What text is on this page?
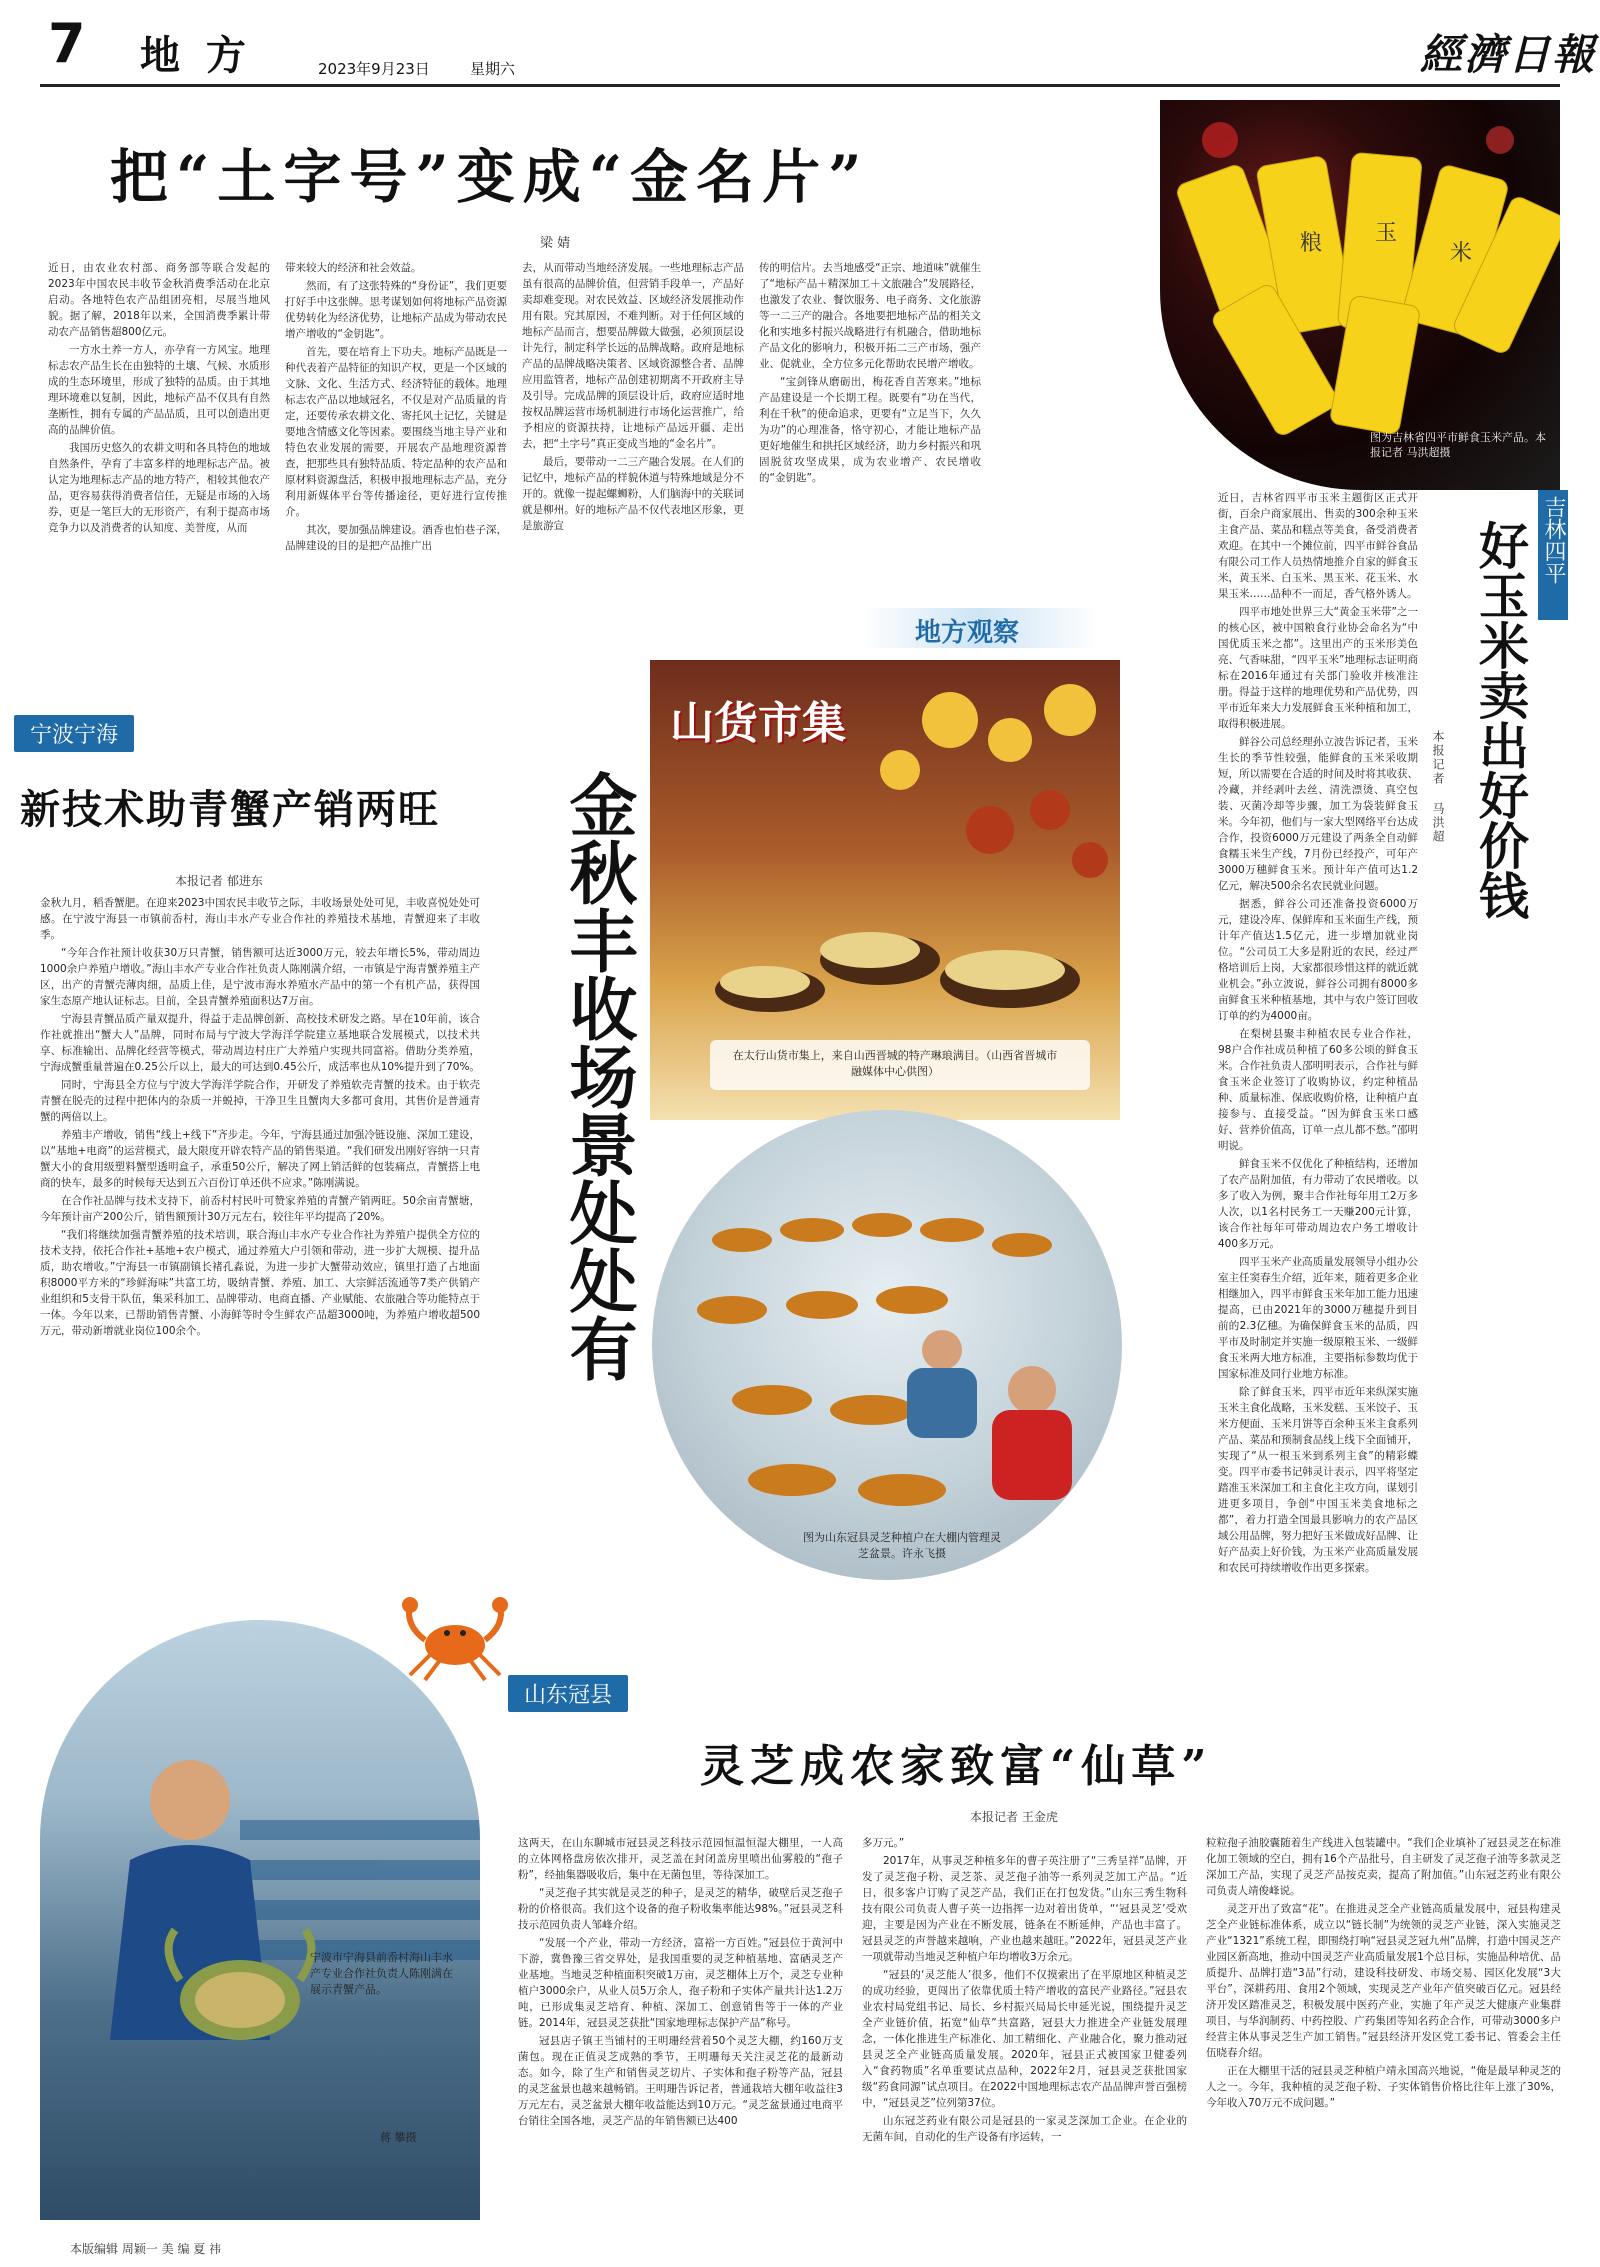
7 地 方	2023年9月23日	星期六	經濟日報
把“土字号”变成“金名片”
梁 婧

近日，由农业农村部、商务部等联合发起的2023年中国农民丰收节金秋消费季活动在北京启动。各地特色农产品组团亮相，尽展当地风貌。据了解，2018年以来，全国消费季累计带动农产品销售超800亿元。

一方水土养一方人，亦孕育一方风宝。地理标志农产品生长在由独特的土壤、气候、水质形成的生态环境里，形成了独特的品质。由于其地理环境难以复制，因此，地标产品不仅具有自然垄断性，拥有专属的产品品质，且可以创造出更高的品牌价值。

我国历史悠久的农耕文明和各具特色的地域自然条件，孕育了丰富多样的地理标志产品。被认定为地理标志产品的地方特产，相较其他农产品，更容易获得消费者信任，无疑是市场的入场券，更是一笔巨大的无形资产，有利于提高市场竞争力以及消费者的认知度、美誉度，从而

带来较大的经济和社会效益。

然而，有了这张特殊的“身份证”，我们更要打好手中这张牌。思考谋划如何将地标产品资源优势转化为经济优势，让地标产品成为带动农民增产增收的“金钥匙”。

首先，要在培育上下功夫。地标产品既是一种代表着产品特征的知识产权，更是一个区域的文脉、文化、生活方式、经济特征的载体。地理标志农产品以地域冠名，不仅是对产品质量的肯定，还要传承农耕文化、寄托风土记忆，关键是要地含情感文化等因素。要围绕当地主导产业和特色农业发展的需要，开展农产品地理资源普查，把那些具有独特品质、特定品种的农产品和原材料资源盘活，积极申报地理标志产品，充分利用新媒体平台等传播途径，更好进行宣传推介。

其次，要加强品牌建设。酒香也怕巷子深，品牌建设的目的是把产品推广出

去，从而带动当地经济发展。一些地理标志产品虽有很高的品牌价值，但营销手段单一，产品好卖却难变现。对农民效益、区域经济发展推动作用有限。究其原因，不难判断。对于任何区域的地标产品而言，想要品牌做大做强，必须顶层设计先行，制定科学长远的品牌战略。政府是地标产品的品牌战略决策者、区域资源整合者、品牌应用监管者，地标产品创建初期离不开政府主导及引导。完成品牌的顶层设计后，政府应适时地按权品牌运营市场机制进行市场化运营推广，给予相应的资源扶持，让地标产品远开疆、走出去，把“土字号”真正变成当地的“金名片”。

最后，要带动一二三产融合发展。在人们的记忆中，地标产品的样貌休道与特殊地域是分不开的。就像一提起螺蛳粉，人们脑海中的关联词就是柳州。好的地标产品不仅代表地区形象，更是旅游宣

传的明信片。去当地感受“正宗、地道味”就催生了“地标产品＋精深加工＋文旅融合”发展路径，也激发了农业、餐饮服务、电子商务、文化旅游等一二三产的融合。各地要把地标产品的相关文化和实地多村振兴战略进行有机融合，借助地标产品文化的影响力，积极开拓二三产市场，强产业、促就业，全方位多元化帮助农民增产增收。

“宝剑锋从磨砺出，梅花香自苦寒来。”地标产品建设是一个长期工程。既要有“功在当代，利在千秋”的使命追求，更要有“立足当下，久久为功”的心理准备，恪守初心，才能让地标产品更好地催生和拱托区域经济，助力乡村振兴和巩固脱贫攻坚成果，成为农业增产、农民增收的“金钥匙”。

粮 玉
米
图为吉林省四平市鲜食玉米产品。本报记者 马洪超摄
地方观察
山货市集
在太行山货市集上，来自山西晋城的特产琳琅满目。（山西省晋城市融媒体中心供图）
金秋丰收场景处处有
图为山东冠县灵芝种植户在大棚内管理灵芝盆景。许永飞摄
吉林四平
好玉米卖出好价钱
本报记者 马洪超

近日，吉林省四平市玉米主题街区正式开街，百余户商家展出、售卖的300余种玉米主食产品、菜品和糕点等美食，备受消费者欢迎。在其中一个摊位前，四平市鲜谷食品有限公司工作人员热情地推介自家的鲜食玉米，黄玉米、白玉米、黑玉米、花玉米、水果玉米……品种不一而足，香气格外诱人。

四平市地处世界三大“黄金玉米带”之一的核心区，被中国粮食行业协会命名为“中国优质玉米之都”。这里出产的玉米形美色亮、气香味甜，“四平玉米”地理标志证明商标在2016年通过有关部门验收并核准注册。得益于这样的地理优势和产品优势，四平市近年来大力发展鲜食玉米种植和加工，取得积极进展。

鲜谷公司总经理孙立波告诉记者，玉米生长的季节性较强，能鲜食的玉米采收期短，所以需要在合适的时间及时将其收获、冷藏，并经剥叶去丝、清洗漂烫、真空包装、灭菌冷却等步骤，加工为袋装鲜食玉米。今年初，他们与一家大型网络平台达成合作，投资6000万元建设了两条全自动鲜食糯玉米生产线，7月份已经投产，可年产3000万穗鲜食玉米。预计年产值可达1.2亿元，解决500余名农民就业问题。

据悉，鲜谷公司还准备投资6000万元，建设冷库、保鲜库和玉米面生产线，预计年产值达1.5亿元，进一步增加就业岗位。“公司员工大多是附近的农民，经过严格培训后上岗，大家都很珍惜这样的就近就业机会。”孙立波说，鲜谷公司拥有8000多亩鲜食玉米种植基地，其中与农户签订回收订单的约为4000亩。

在梨树县聚丰种植农民专业合作社，98户合作社成员种植了60多公顷的鲜食玉米。合作社负责人邵明明表示，合作社与鲜食玉米企业签订了收购协议，约定种植品种、质量标准、保底收购价格，让种植户直接参与、直接受益。“因为鲜食玉米口感好、营养价值高，订单一点儿都不愁。”邵明明说。

鲜食玉米不仅优化了种植结构，还增加了农产品附加值，有力带动了农民增收。以多了收入为例，聚丰合作社每年用工2万多人次，以1名村民务工一天赚200元计算，该合作社每年可带动周边农户务工增收计400多万元。

四平玉米产业高质量发展领导小组办公室主任窦春生介绍，近年来，随着更多企业相继加入，四平市鲜食玉米年加工能力迅速提高，已由2021年的3000万穗提升到目前的2.3亿穗。为确保鲜食玉米的品质，四平市及时制定并实施一级原粮玉米、一级鲜食玉米两大地方标准，主要指标参数均优于国家标准及同行业地方标准。

除了鲜食玉米，四平市近年来纵深实施玉米主食化战略，玉米发糕、玉米饺子、玉米方便面、玉米月饼等百余种玉米主食系列产品、菜品和预制食品线上线下全面铺开，实现了“从一根玉米到系列主食”的精彩蝶变。四平市委书记韩灵计表示，四平将坚定踏准玉米深加工和主食化主攻方向，谋划引进更多项目，争创“中国玉米美食地标之都”，着力打造全国最具影响力的农产品区域公用品牌，努力把好玉米做成好品牌、让好产品卖上好价钱，为玉米产业高质量发展和农民可持续增收作出更多探索。

宁波宁海
新技术助青蟹产销两旺
本报记者 郁进东

金秋九月，稻香蟹肥。在迎来2023中国农民丰收节之际，丰收场景处处可见，丰收喜悦处处可感。在宁波宁海县一市镇前岙村，海山丰水产专业合作社的养殖技术基地，青蟹迎来了丰收季。

“今年合作社预计收获30万只青蟹，销售额可达近3000万元，较去年增长5%，带动周边1000余户养殖户增收。”海山丰水产专业合作社负责人陈刚满介绍，一市镇是宁海青蟹养殖主产区，出产的青蟹壳薄肉细，品质上佳，是宁波市海水养殖水产品中的第一个有机产品，获得国家生态原产地认证标志。目前，全县青蟹养殖面积达7万亩。

宁海县青蟹品质产量双提升，得益于走品牌创新、高校技术研发之路。早在10年前，该合作社就推出“蟹大人”品牌，同时布局与宁波大学海洋学院建立基地联合发展模式，以技术共享、标准输出、品牌化经营等模式，带动周边村庄广大养殖户实现共同富裕。借助分类养殖，宁海成蟹重量普遍在0.25公斤以上，最大的可达到0.45公斤，成活率也从10%提升到了70%。

同时，宁海县全方位与宁波大学海洋学院合作，开研发了养殖软壳青蟹的技术。由于软壳青蟹在脱壳的过程中把体内的杂质一并蜕掉，干净卫生且蟹肉大多都可食用，其售价是普通青蟹的两倍以上。

养殖丰产增收，销售“线上+线下”齐步走。今年，宁海县通过加强冷链设施、深加工建设，以“基地+电商”的运营模式，最大限度开辟农特产品的销售渠道。“我们研发出刚好容纳一只青蟹大小的食用级塑料蟹型透明盒子，承重50公斤，解决了网上销活鲜的包装痛点，青蟹搭上电商的快车，最多的时候每天达到五六百份订单还供不应求。”陈刚满说。

在合作社品牌与技术支持下，前岙村村民叶可赞家养殖的青蟹产销两旺。50余亩青蟹塘，今年预计亩产200公斤，销售额预计30万元左右，较往年平均提高了20%。

“我们将继续加强青蟹养殖的技术培训，联合海山丰水产专业合作社为养殖户提供全方位的技术支持，依托合作社+基地+农户模式，通过养殖大户引领和带动，进一步扩大规模、提升品质，助农增收。”宁海县一市镇副镇长褚孔淼说，为进一步扩大蟹带动效应，镇里打造了占地面积8000平方米的“珍鲜海味”共富工坊，吸纳青蟹、养殖、加工、大宗鲜活流通等7类产供销产业组织和5支骨干队伍，集采科加工、品牌带动、电商直播、产业赋能、农旅融合等功能特点于一体。今年以来，已帮助销售青蟹、小海鲜等时令生鲜农产品超3000吨，为养殖户增收超500万元，带动新增就业岗位100余个。

宁波市宁海县前岙村海山丰水产专业合作社负责人陈刚满在展示青蟹产品。
蒋 攀摄
本版编辑 周颖一 美 编 夏 祎
山东冠县
灵芝成农家致富“仙草”
本报记者 王金虎

这两天，在山东聊城市冠县灵芝科技示范园恒温恒湿大棚里，一人高的立体网格盘房依次排开，灵芝盖在封闭盖房里喷出仙雾般的“孢子粉”，经抽集器吸收后，集中在无菌包里，等待深加工。

“灵芝孢子其实就是灵芝的种子，是灵芝的精华，破壁后灵芝孢子粉的价格很高。我们这个设备的孢子粉收集率能达98%。”冠县灵芝科技示范园负责人邹峰介绍。

“发展一个产业，带动一方经济，富裕一方百姓。”冠县位于黄河中下游，冀鲁豫三省交界处，是我国重要的灵芝种植基地、富硒灵芝产业基地。当地灵芝种植面积突破1万亩，灵芝棚体上万个，灵芝专业种植户3000余户，从业人员5万余人，孢子粉和子实体产量共计达1.2万吨，已形成集灵芝培育、种植、深加工、创意销售等于一体的产业链。2014年，冠县灵芝获批“国家地理标志保护产品”称号。

冠县店子镇王当铺村的王明珊经营着50个灵芝大棚，约160万支菌包。现在正值灵芝成熟的季节，王明珊每天关注灵芝花的最新动态。如今，除了生产和销售灵芝切片、子实体和孢子粉等产品，冠县的灵芝盆景也越来越畅销。王明珊告诉记者，普通栽培大棚年收益往3万元左右，灵芝盆景大棚年收益能达到10万元。“灵芝盆景通过电商平台销往全国各地，灵芝产品的年销售额已达400

多万元。”

2017年，从事灵芝种植多年的曹子英注册了“三秀呈祥”品牌，开发了灵芝孢子粉、灵芝茶、灵芝孢子油等一系列灵芝加工产品。“近日，很多客户订购了灵芝产品，我们正在打包发货。”山东三秀生物科技有限公司负责人曹子英一边指挥一边对着出货单，“‘冠县灵芝’受欢迎，主要是因为产业在不断发展，链条在不断延伸，产品也丰富了。冠县灵芝的声誉越来越响，产业也越来越旺。”2022年，冠县灵芝产业一项就带动当地灵芝种植户年均增收3万余元。

“冠县的‘灵芝能人’很多，他们不仅摸索出了在平原地区种植灵芝的成功经验，更闯出了依靠优质土特产增收的富民产业路径。”冠县农业农村局党组书记、局长、乡村振兴局局长申延光说，围绕提升灵芝全产业链价值，拓宽“仙草”共富路，冠县大力推进全产业链发展理念，一体化推进生产标准化、加工精细化、产业融合化，聚力推动冠县灵芝全产业链高质量发展。2020年，冠县正式被国家卫健委列入“食药物质”名单重要试点品种，2022年2月，冠县灵芝获批国家级“药食同源”试点项目。在2022中国地理标志农产品品牌声誉百强榜中，“冠县灵芝”位列第37位。

山东冠芝药业有限公司是冠县的一家灵芝深加工企业。在企业的无菌车间，自动化的生产设备有序运转，一

粒粒孢子油胶囊随着生产线进入包装罐中。“我们企业填补了冠县灵芝在标准化加工领域的空白，拥有16个产品批号，自主研发了灵芝孢子油等多款灵芝深加工产品，实现了灵芝产品按克卖，提高了附加值。”山东冠芝药业有限公司负责人靖俊峰说。

灵芝开出了致富“花”。在推进灵芝全产业链高质量发展中，冠县构建灵芝全产业链标准体系，成立以“链长制”为统领的灵芝产业链，深入实施灵芝产业“1321”系统工程，即围绕打响“冠县灵芝冠九州”品牌，打造中国灵芝产业园区新高地，推动中国灵芝产业高质量发展1个总目标，实施品种培优、品质提升、品牌打造“3品”行动，建设科技研发、市场交易、园区化发展“3大平台”，深耕药用、食用2个领域，实现灵芝产业年产值突破百亿元。冠县经济开发区踏准灵芝，积极发展中医药产业，实施了年产灵芝大健康产业集群项目，与华润制药、中药控股、广药集团等知名药企合作，可带动3000多户经营主体从事灵芝生产加工销售。”冠县经济开发区党工委书记、管委会主任伍晓春介绍。

正在大棚里干活的冠县灵芝种植户靖永国高兴地说，“俺是最早种灵芝的人之一。今年，我种植的灵芝孢子粉、子实体销售价格比往年上涨了30%，今年收入70万元不成问题。”
